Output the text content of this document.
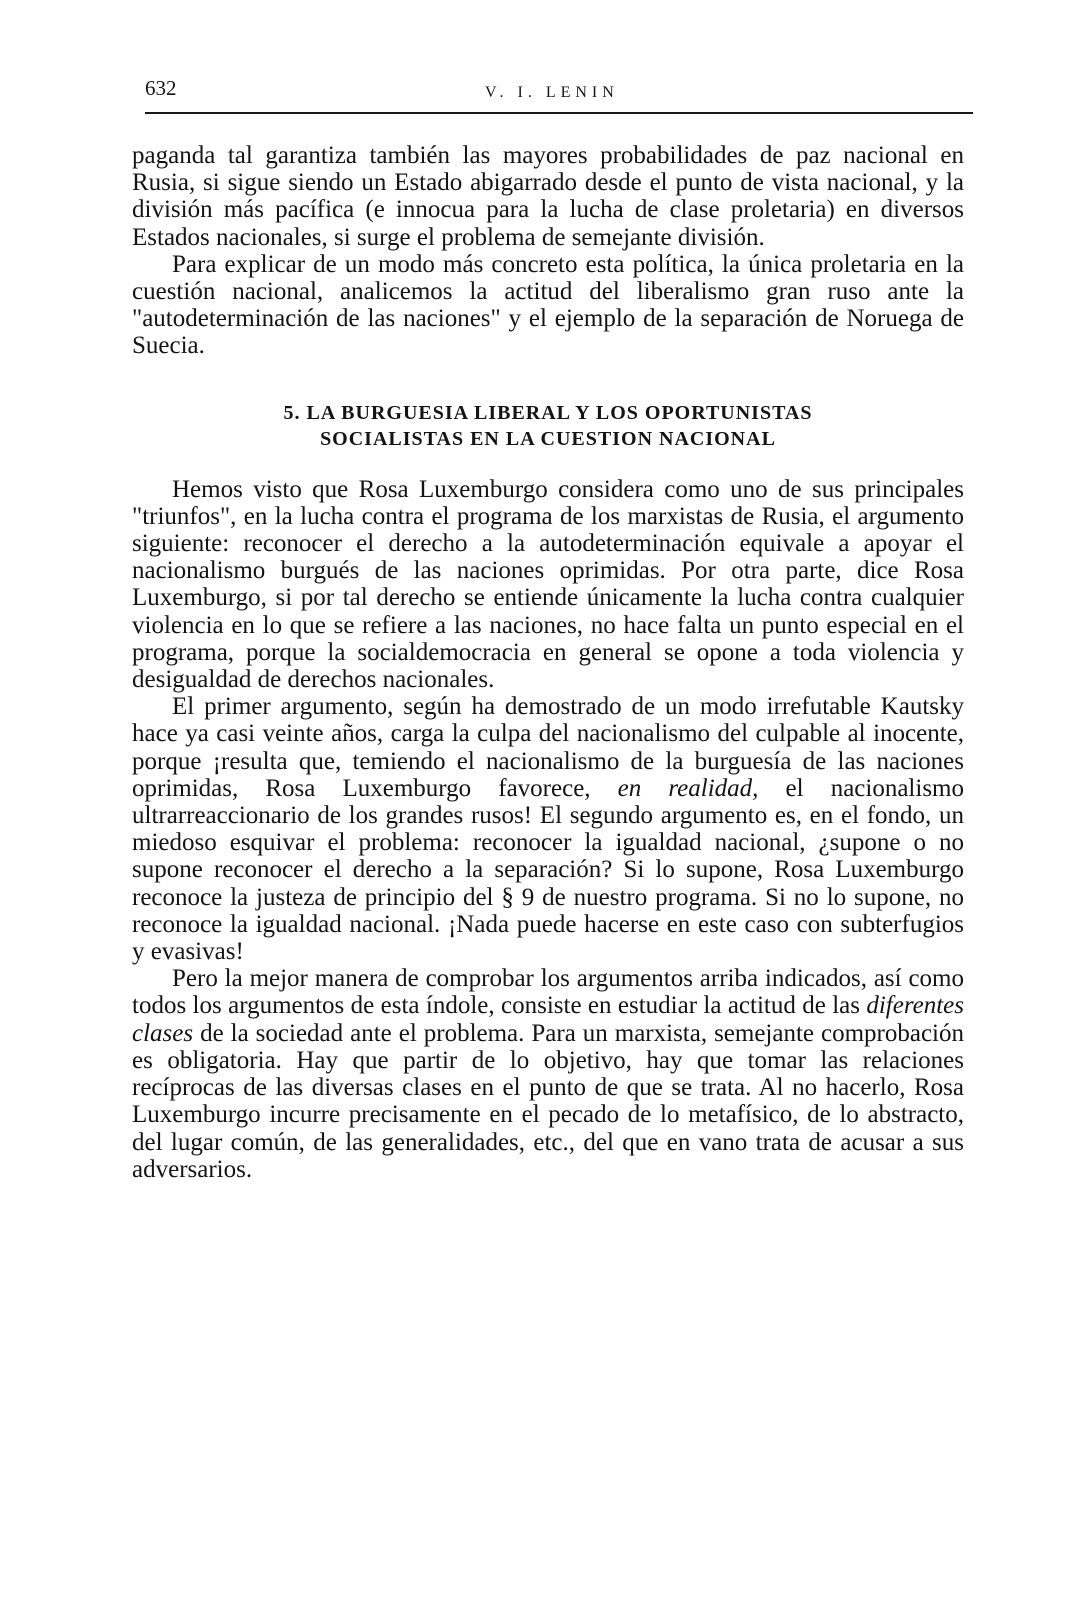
632	V. I. LENIN

paganda tal garantiza también las mayores probabilidades de paz nacional en Rusia, si sigue siendo un Estado abigarrado desde el punto de vista nacional, y la división más pacífica (e innocua para la lucha de clase proletaria) en diversos Estados nacionales, si surge el problema de semejante división.

Para explicar de un modo más concreto esta política, la única proletaria en la cuestión nacional, analicemos la actitud del liberalismo gran ruso ante la "autodeterminación de las naciones" y el ejemplo de la separación de Noruega de Suecia.

5. LA BURGUESIA LIBERAL Y LOS OPORTUNISTAS
SOCIALISTAS EN LA CUESTION NACIONAL

Hemos visto que Rosa Luxemburgo considera como uno de sus principales "triunfos", en la lucha contra el programa de los marxistas de Rusia, el argumento siguiente: reconocer el derecho a la autodeterminación equivale a apoyar el nacionalismo burgués de las naciones oprimidas. Por otra parte, dice Rosa Luxemburgo, si por tal derecho se entiende únicamente la lucha contra cualquier violencia en lo que se refiere a las naciones, no hace falta un punto especial en el programa, porque la socialdemocracia en general se opone a toda violencia y desigualdad de derechos nacionales.

El primer argumento, según ha demostrado de un modo irrefutable Kautsky hace ya casi veinte años, carga la culpa del nacionalismo del culpable al inocente, porque ¡resulta que, temiendo el nacionalismo de la burguesía de las naciones oprimidas, Rosa Luxemburgo favorece, en realidad, el nacionalismo ultrarreaccionario de los grandes rusos! El segundo argumento es, en el fondo, un miedoso esquivar el problema: reconocer la igualdad nacional, ¿supone o no supone reconocer el derecho a la separación? Si lo supone, Rosa Luxemburgo reconoce la justeza de principio del § 9 de nuestro programa. Si no lo supone, no reconoce la igualdad nacional. ¡Nada puede hacerse en este caso con subterfugios y evasivas!

Pero la mejor manera de comprobar los argumentos arriba indicados, así como todos los argumentos de esta índole, consiste en estudiar la actitud de las diferentes clases de la sociedad ante el problema. Para un marxista, semejante comprobación es obligatoria. Hay que partir de lo objetivo, hay que tomar las relaciones recíprocas de las diversas clases en el punto de que se trata. Al no hacerlo, Rosa Luxemburgo incurre precisamente en el pecado de lo metafísico, de lo abstracto, del lugar común, de las generalidades, etc., del que en vano trata de acusar a sus adversarios.
